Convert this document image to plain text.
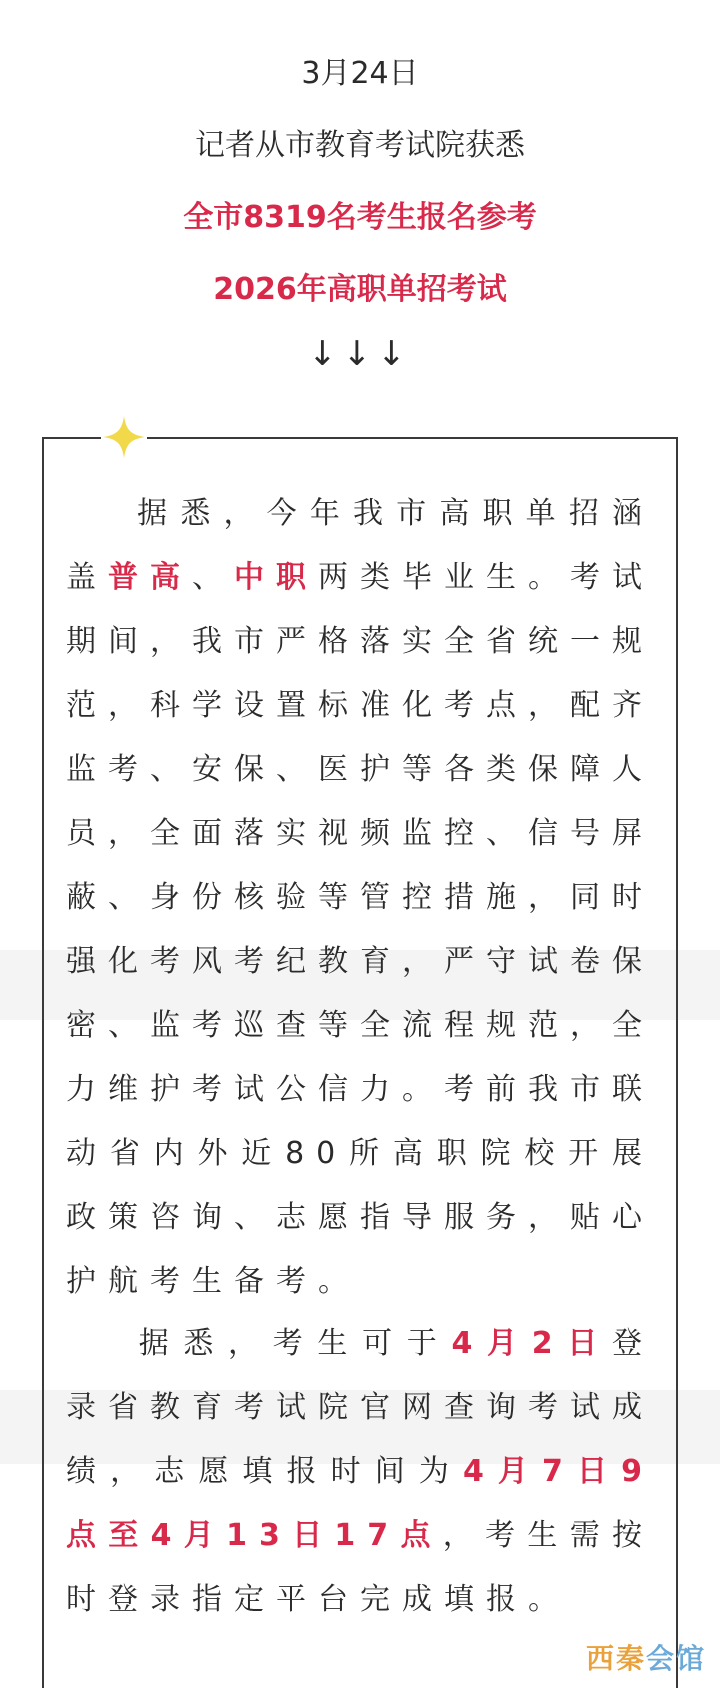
3月24日
记者从市教育考试院获悉
全市8319名考生报名参考
2026年高职单招考试
↓↓↓
据悉，今年我市高职单招涵盖普高、中职两类毕业生。考试期间，我市严格落实全省统一规范，科学设置标准化考点，配齐监考、安保、医护等各类保障人员，全面落实视频监控、信号屏蔽、身份核验等管控措施，同时强化考风考纪教育，严守试卷保密、监考巡查等全流程规范，全力维护考试公信力。考前我市联动省内外近80所高职院校开展政策咨询、志愿指导服务，贴心护航考生备考。
据悉，考生可于4月2日登录省教育考试院官网查询考试成绩，志愿填报时间为4月7日9点至4月13日17点，考生需按时登录指定平台完成填报。
西秦会馆
